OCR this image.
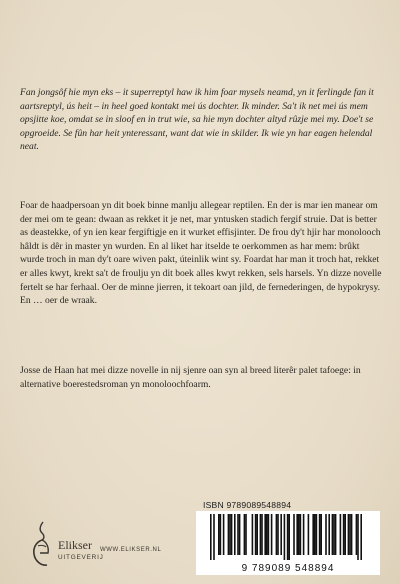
Fan jongsôf hie myn eks – it superreptyl haw ik him foar mysels neamd, yn it ferlingde fan it aartsreptyl, ús heit – in heel goed kontakt mei ús dochter. Ik minder. Sa't ik net mei ús mem opsjitte koe, omdat se in sloof en in trut wie, sa hie myn dochter altyd rûzje mei my. Doe't se opgroeide. Se fûn har heit ynteressant, want dat wie in skilder. Ik wie yn har eagen helendal neat.

Foar de haadpersoan yn dit boek binne manlju allegear reptilen. En der is mar ien manear om der mei om te gean: dwaan as rekket it je net, mar yntusken stadich fergif struie. Dat is better as deastekke, of yn ien kear fergiftigje en it wurket effisjinter. De frou dy't hjir har monolooch hâldt is dêr in master yn wurden. En al liket har itselde te oerkommen as har mem: brûkt wurde troch in man dy't oare wiven pakt, úteinlik wint sy. Foardat har man it troch hat, rekket er alles kwyt, krekt sa't de froulju yn dit boek alles kwyt rekken, sels harsels. Yn dizze novelle fertelt se har ferhaal. Oer de minne jierren, it tekoart oan jild, de fernederingen, de hypokrysy. En … oer de wraak.

Josse de Haan hat mei dizze novelle in nij sjenre oan syn al breed literêr palet tafoege: in alternative boerestedsroman yn monoloochfoarm.

ISBN 9789089548894
9 789089 548894
Elikser
UITGEVERIJ
WWW.ELIKSER.NL
